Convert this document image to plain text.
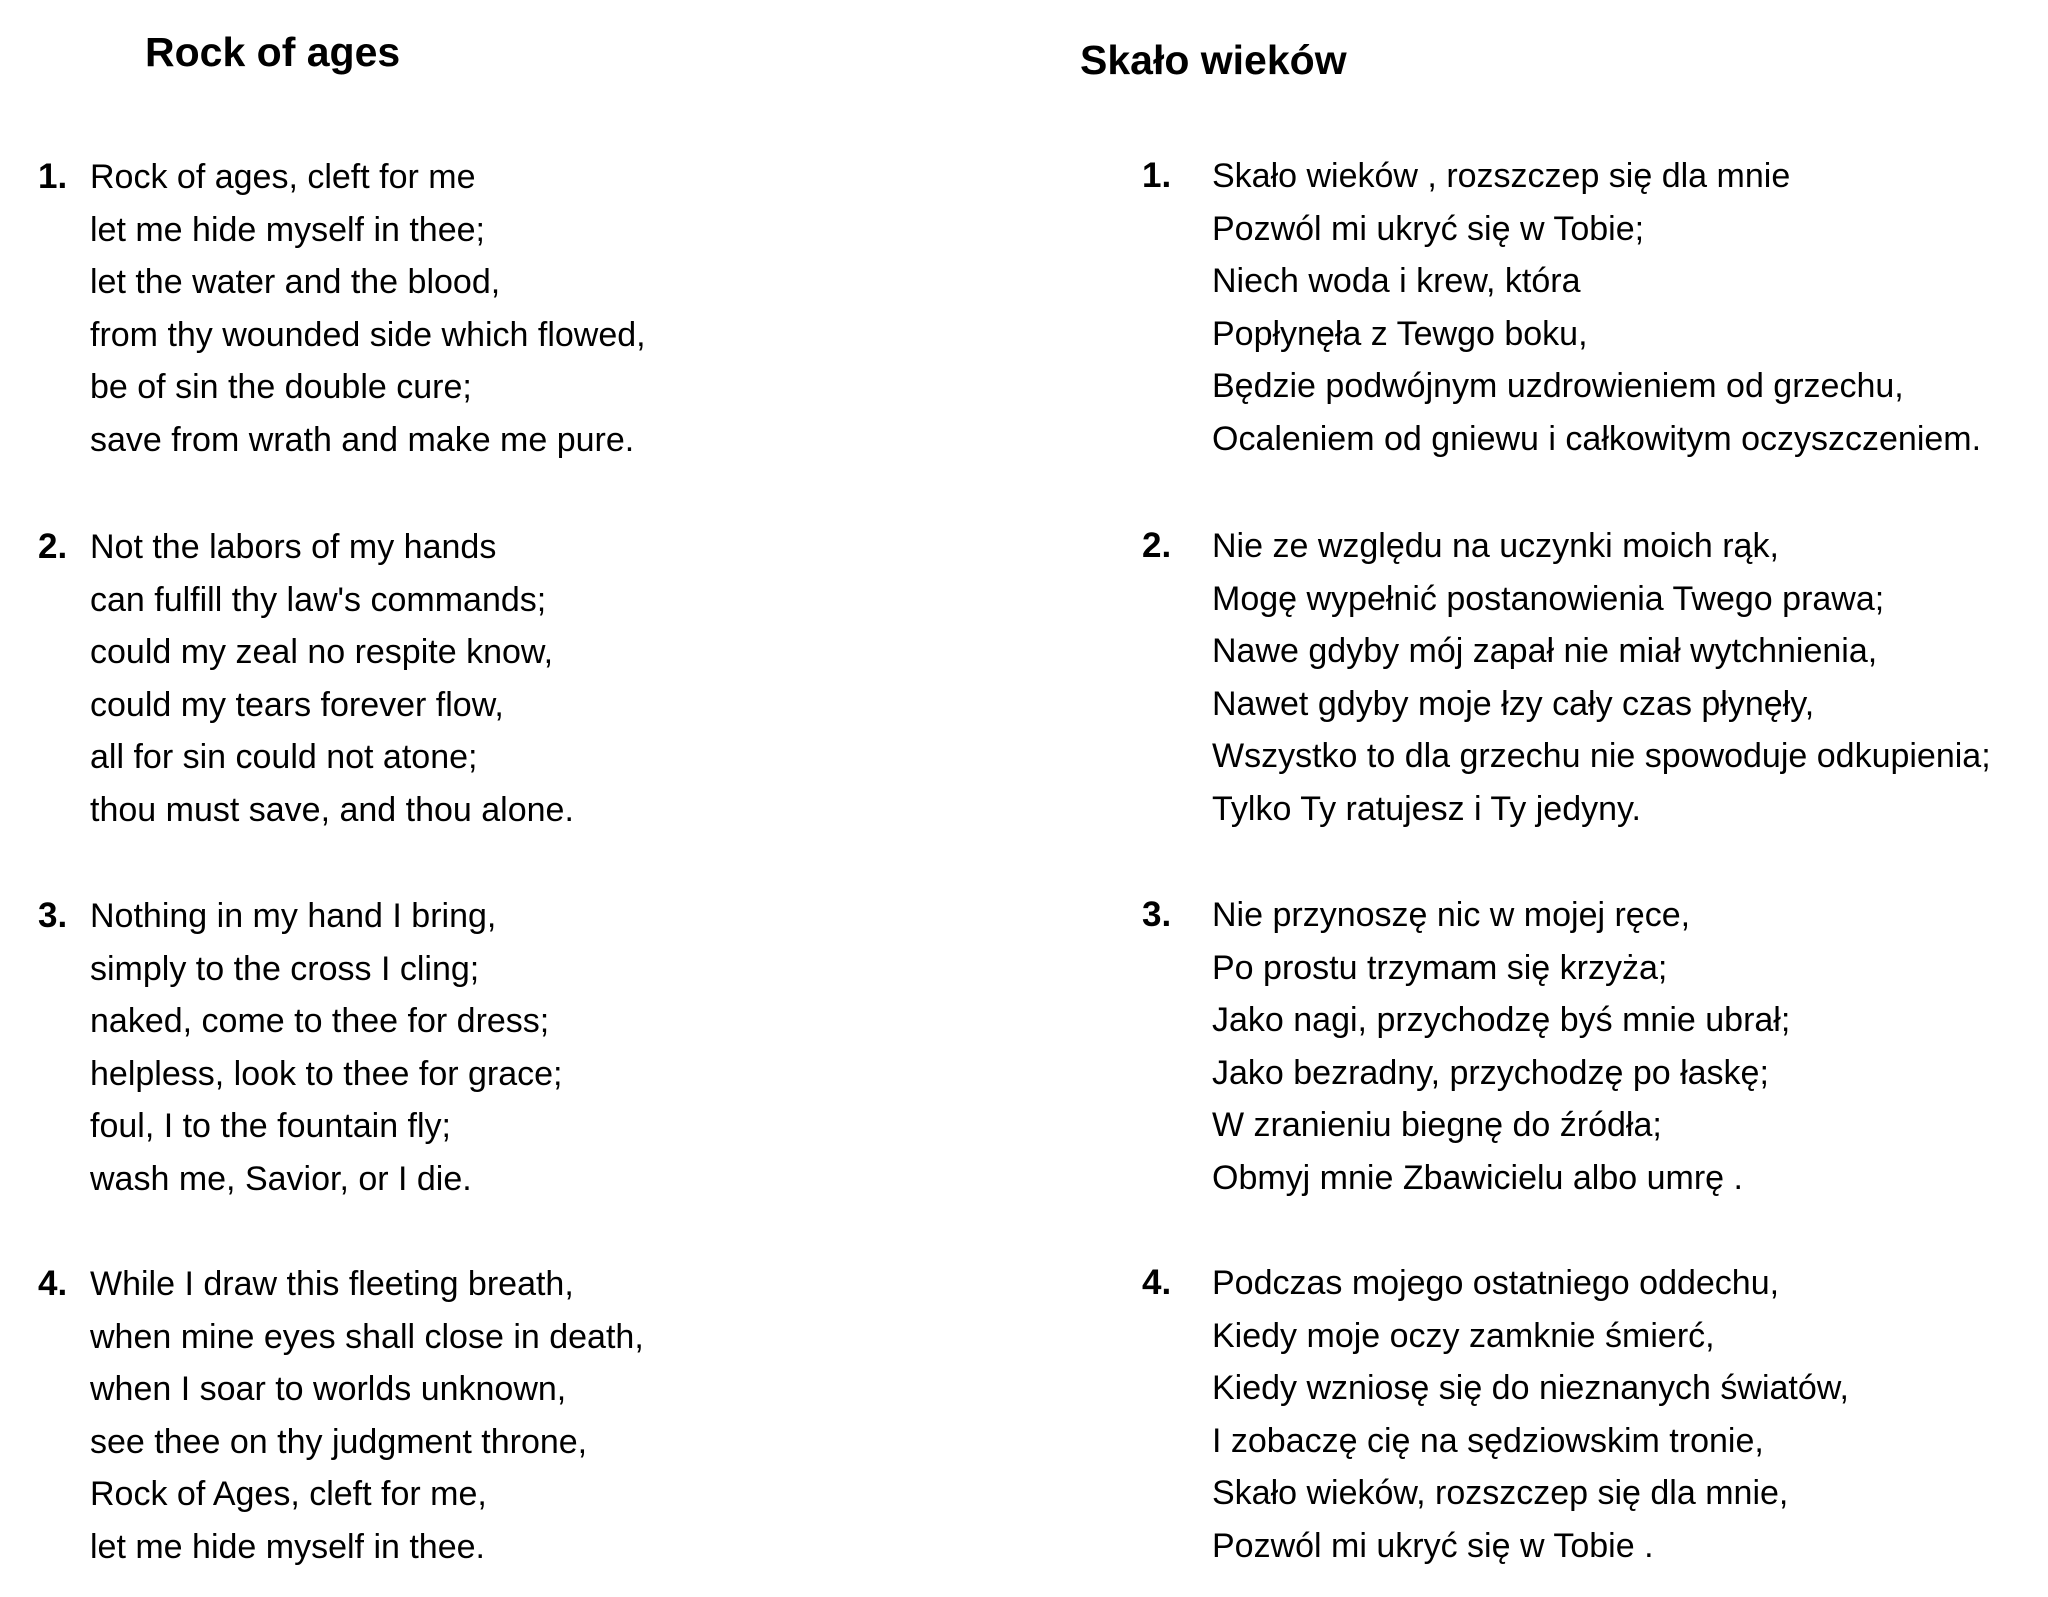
Rock of ages
1. Rock of ages, cleft for me
let me hide myself in thee;
let the water and the blood,
from thy wounded side which flowed,
be of sin the double cure;
save from wrath and make me pure.
2. Not the labors of my hands
can fulfill thy law's commands;
could my zeal no respite know,
could my tears forever flow,
all for sin could not atone;
thou must save, and thou alone.
3. Nothing in my hand I bring,
simply to the cross I cling;
naked, come to thee for dress;
helpless, look to thee for grace;
foul, I to the fountain fly;
wash me, Savior, or I die.
4. While I draw this fleeting breath,
when mine eyes shall close in death,
when I soar to worlds unknown,
see thee on thy judgment throne,
Rock of Ages, cleft for me,
let me hide myself in thee.
Skało wieków
1. Skało wieków , rozszczep się dla mnie
Pozwól mi ukryć się w Tobie;
Niech woda i krew, która
Popłynęła z Tewgo boku,
Będzie podwójnym uzdrowieniem od grzechu,
Ocaleniem od gniewu i całkowitym oczyszczeniem.
2. Nie ze względu na uczynki moich rąk,
Mogę wypełnić postanowienia Twego prawa;
Nawe gdyby mój zapał nie miał wytchnienia,
Nawet gdyby moje łzy cały czas płynęły,
Wszystko to dla grzechu nie spowoduje odkupienia;
Tylko Ty ratujesz i Ty jedyny.
3. Nie przynoszę nic w mojej ręce,
Po prostu trzymam się krzyża;
Jako nagi, przychodzę byś mnie ubrał;
Jako bezradny, przychodzę po łaskę;
W zranieniu biegnę do źródła;
Obmyj mnie Zbawicielu albo umrę .
4. Podczas mojego ostatniego oddechu,
Kiedy moje oczy zamknie śmierć,
Kiedy wzniosę się do nieznanych światów,
I zobaczę cię na sędziowskim tronie,
Skało wieków, rozszczep się dla mnie,
Pozwól mi ukryć się w Tobie .
